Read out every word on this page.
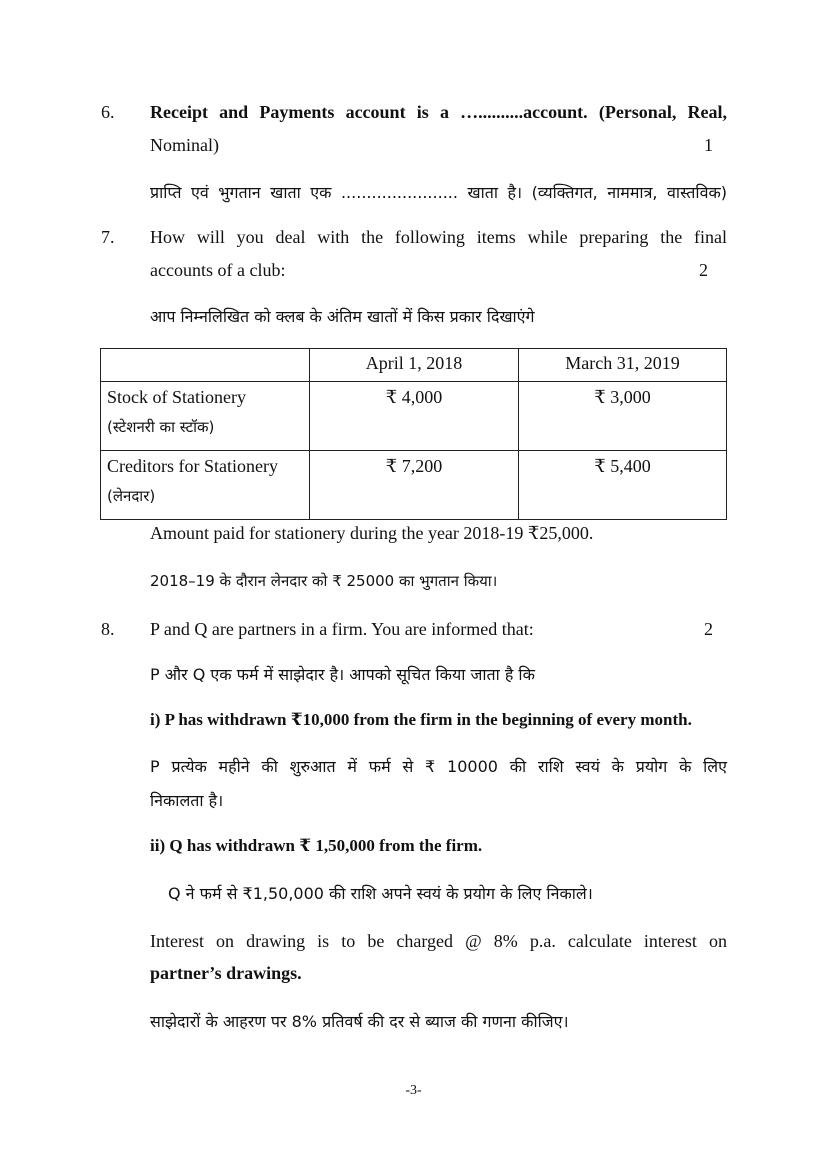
6. Receipt and Payments account is a …..........account. (Personal, Real,
Nominal)	1
प्राप्ति एवं भुगतान खाता एक ....................... खाता है। (व्यक्तिगत, नाममात्र, वास्तविक)
7. How will you deal with the following items while preparing the final
accounts of a club:	2
आप निम्नलिखित को क्लब के अंतिम खातों में किस प्रकार दिखाएंगे
	April 1, 2018	March 31, 2019

Stock of Stationery
(स्टेशनरी का स्टॉक)	₹ 4,000	₹ 3,000

Creditors for Stationery
(लेनदार)	₹ 7,200	₹ 5,400
Amount paid for stationery during the year 2018-19 ₹25,000.
2018–19 के दौरान लेनदार को ₹ 25000 का भुगतान किया।
8. P and Q are partners in a firm. You are informed that:	2
P और Q एक फर्म में साझेदार है। आपको सूचित किया जाता है कि
i) P has withdrawn ₹10,000 from the firm in the beginning of every month.
P प्रत्येक महीने की शुरुआत में फर्म से ₹ 10000 की राशि स्वयं के प्रयोग के लिए
निकालता है।
ii) Q has withdrawn ₹ 1,50,000 from the firm.
Q ने फर्म से ₹1,50,000 की राशि अपने स्वयं के प्रयोग के लिए निकाले।
Interest on drawing is to be charged @ 8% p.a. calculate interest on
partner’s drawings.
साझेदारों के आहरण पर 8% प्रतिवर्ष की दर से ब्याज की गणना कीजिए।
-3-
